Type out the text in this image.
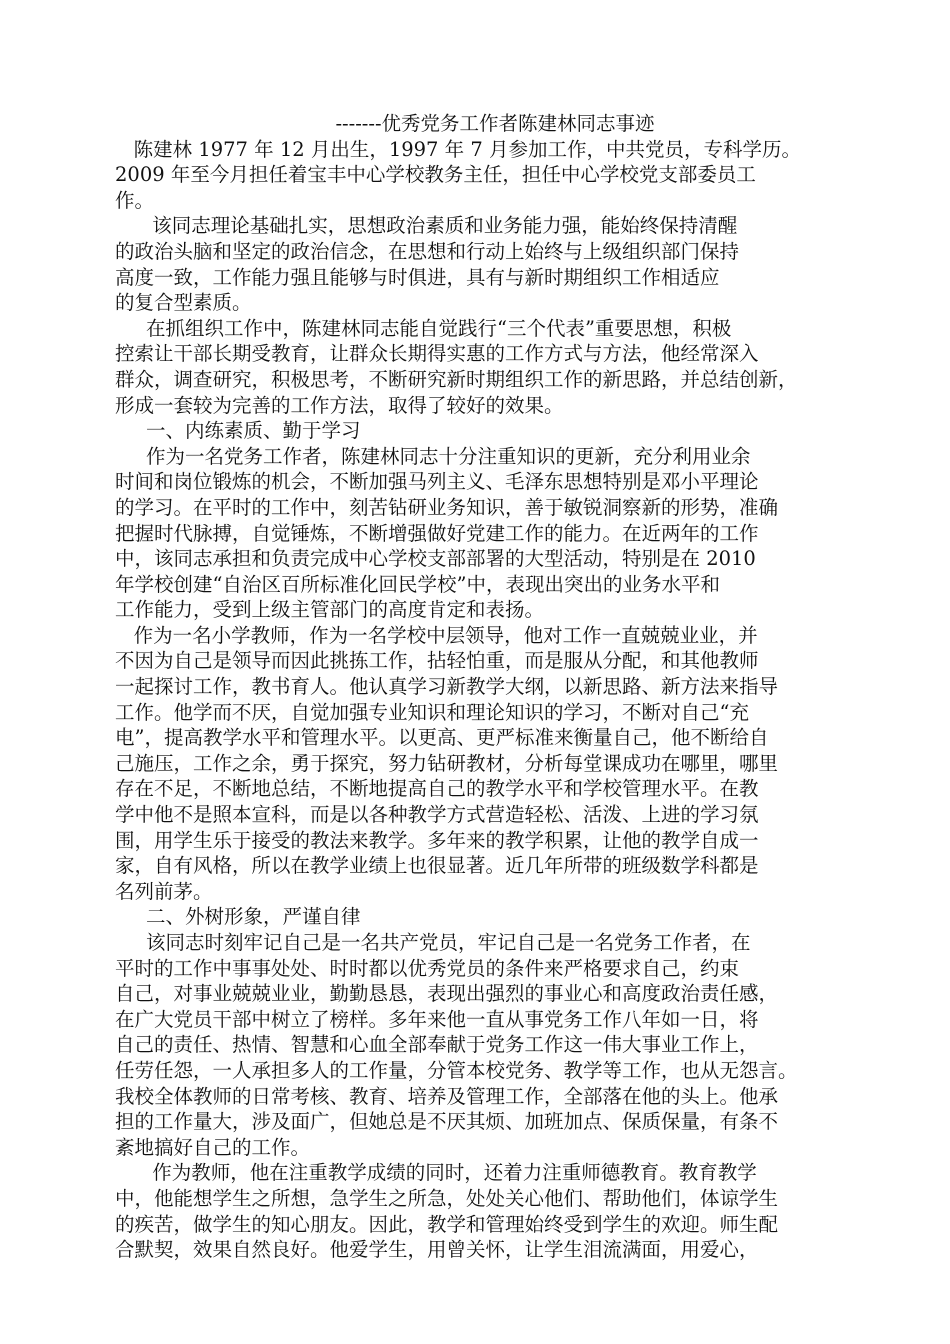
-------优秀党务工作者陈建林同志事迹
陈建林 1977 年 12 月出生，1997 年 7 月参加工作，中共党员，专科学历。
2009 年至今月担任着宝丰中心学校教务主任，担任中心学校党支部委员工
作。
该同志理论基础扎实，思想政治素质和业务能力强，能始终保持清醒
的政治头脑和坚定的政治信念，在思想和行动上始终与上级组织部门保持
高度一致，工作能力强且能够与时俱进，具有与新时期组织工作相适应
的复合型素质。
在抓组织工作中，陈建林同志能自觉践行“三个代表”重要思想，积极
控索让干部长期受教育，让群众长期得实惠的工作方式与方法，他经常深入
群众，调查研究，积极思考，不断研究新时期组织工作的新思路，并总结创新，
形成一套较为完善的工作方法，取得了较好的效果。
一、内练素质、勤于学习
作为一名党务工作者，陈建林同志十分注重知识的更新，充分利用业余
时间和岗位锻炼的机会，不断加强马列主义、毛泽东思想特别是邓小平理论
的学习。在平时的工作中，刻苦钻研业务知识，善于敏锐洞察新的形势，准确
把握时代脉搏，自觉锤炼，不断增强做好党建工作的能力。在近两年的工作
中，该同志承担和负责完成中心学校支部部署的大型活动，特别是在 2010
年学校创建“自治区百所标准化回民学校”中，表现出突出的业务水平和
工作能力，受到上级主管部门的高度肯定和表扬。
作为一名小学教师，作为一名学校中层领导，他对工作一直兢兢业业，并
不因为自己是领导而因此挑拣工作，拈轻怕重，而是服从分配，和其他教师
一起探讨工作，教书育人。他认真学习新教学大纲，以新思路、新方法来指导
工作。他学而不厌，自觉加强专业知识和理论知识的学习，不断对自己“充
电”，提高教学水平和管理水平。以更高、更严标准来衡量自己，他不断给自
己施压，工作之余，勇于探究，努力钻研教材，分析每堂课成功在哪里，哪里
存在不足，不断地总结，不断地提高自己的教学水平和学校管理水平。在教
学中他不是照本宣科，而是以各种教学方式营造轻松、活泼、上进的学习氛
围，用学生乐于接受的教法来教学。多年来的教学积累，让他的教学自成一
家，自有风格，所以在教学业绩上也很显著。近几年所带的班级数学科都是
名列前茅。
二、外树形象，严谨自律
该同志时刻牢记自己是一名共产党员，牢记自己是一名党务工作者，在
平时的工作中事事处处、时时都以优秀党员的条件来严格要求自己，约束
自己，对事业兢兢业业，勤勤恳恳，表现出强烈的事业心和高度政治责任感，
在广大党员干部中树立了榜样。多年来他一直从事党务工作八年如一日，将
自己的责任、热情、智慧和心血全部奉献于党务工作这一伟大事业工作上，
任劳任怨，一人承担多人的工作量，分管本校党务、教学等工作，也从无怨言。
我校全体教师的日常考核、教育、培养及管理工作，全部落在他的头上。他承
担的工作量大，涉及面广，但她总是不厌其烦、加班加点、保质保量，有条不
紊地搞好自己的工作。
作为教师，他在注重教学成绩的同时，还着力注重师德教育。教育教学
中，他能想学生之所想，急学生之所急，处处关心他们、帮助他们，体谅学生
的疾苦，做学生的知心朋友。因此，教学和管理始终受到学生的欢迎。师生配
合默契，效果自然良好。他爱学生，用曾关怀，让学生泪流满面，用爱心，
